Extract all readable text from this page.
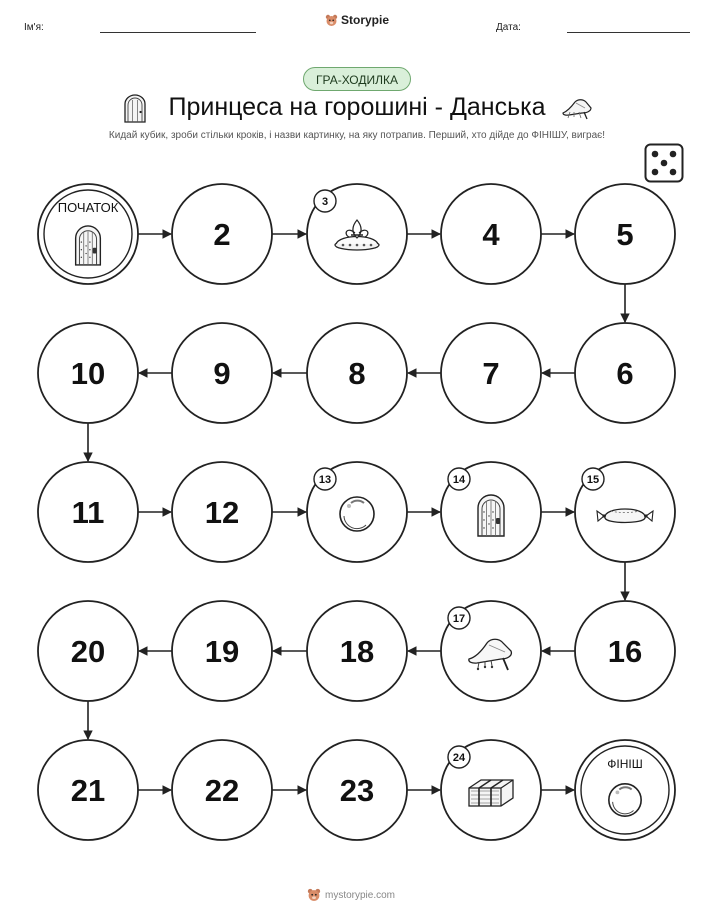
Ім'я:
Storypie
Дата:
ГРА-ХОДИЛКА
Принцеса на горошині - Данська
Кидай кубик, зроби стільки кроків, і назви картинку, на яку потрапив. Перший, хто дійде до ФІНІШУ, виграє!
ПОЧАТОК
2
3
4	5
6
7
8
9
10
11	12
13	14	15
16
17
18
19
20
21	22	23
24	ФІНІШ
mystorypie.com
